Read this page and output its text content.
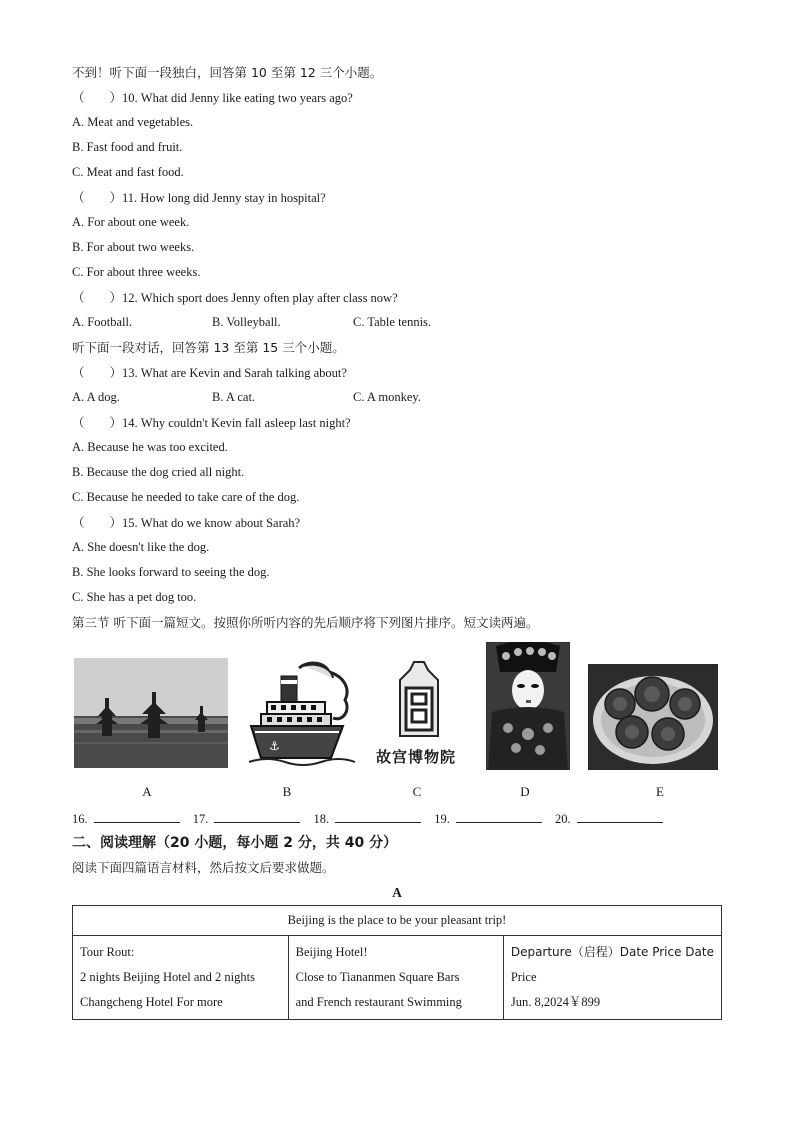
不到！听下面一段独白，回答第 10 至第 12 三个小题。
（　　）10. What did Jenny like eating two years ago?
A. Meat and vegetables.
B. Fast food and fruit.
C. Meat and fast food.
（　　）11. How long did Jenny stay in hospital?
A. For about one week.
B. For about two weeks.
C. For about three weeks.
（　　）12. Which sport does Jenny often play after class now?
A. Football.	B. Volleyball.	C. Table tennis.
听下面一段对话，回答第 13 至第 15 三个小题。
（　　）13. What are Kevin and Sarah talking about?
A. A dog.	B. A cat.	C. A monkey.
（　　）14. Why couldn't Kevin fall asleep last night?
A. Because he was too excited.
B. Because the dog cried all night.
C. Because he needed to take care of the dog.
（　　）15. What do we know about Sarah?
A. She doesn't like the dog.
B. She looks forward to seeing the dog.
C. She has a pet dog too.
第三节 听下面一篇短文。按照你所听内容的先后顺序将下列图片排序。短文读两遍。
A
⚓
B
故宫博物院
C	D	E
16.	17.	18.	19.	20.
二、阅读理解（20 小题，每小题 2 分，共 40 分）
阅读下面四篇语言材料，然后按文后要求做题。
A
Beijing is the place to be your pleasant trip!

Tour Rout:
2 nights Beijing Hotel and 2 nights
Changcheng Hotel For more

Beijing Hotel!
Close to Tiananmen Square Bars
and French restaurant Swimming

Departure（启程）Date Price Date
Price
Jun. 8,2024￥899
